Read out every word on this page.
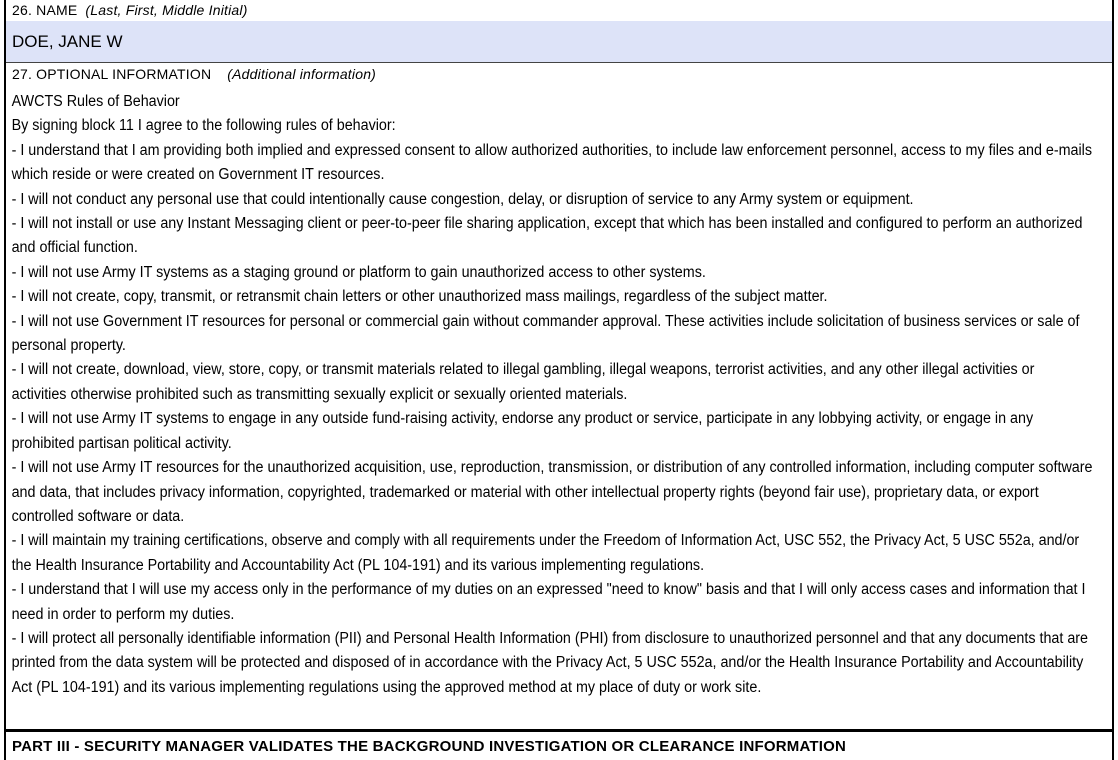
26. NAME (Last, First, Middle Initial)
DOE, JANE W
27. OPTIONAL INFORMATION (Additional information)
AWCTS Rules of Behavior
By signing block 11 I agree to the following rules of behavior:
- I understand that I am providing both implied and expressed consent to allow authorized authorities, to include law enforcement personnel, access to my files and e-mails which reside or were created on Government IT resources.
- I will not conduct any personal use that could intentionally cause congestion, delay, or disruption of service to any Army system or equipment.
- I will not install or use any Instant Messaging client or peer-to-peer file sharing application, except that which has been installed and configured to perform an authorized and official function.
- I will not use Army IT systems as a staging ground or platform to gain unauthorized access to other systems.
- I will not create, copy, transmit, or retransmit chain letters or other unauthorized mass mailings, regardless of the subject matter.
- I will not use Government IT resources for personal or commercial gain without commander approval. These activities include solicitation of business services or sale of personal property.
- I will not create, download, view, store, copy, or transmit materials related to illegal gambling, illegal weapons, terrorist activities, and any other illegal activities or activities otherwise prohibited such as transmitting sexually explicit or sexually oriented materials.
- I will not use Army IT systems to engage in any outside fund-raising activity, endorse any product or service, participate in any lobbying activity, or engage in any prohibited partisan political activity.
- I will not use Army IT resources for the unauthorized acquisition, use, reproduction, transmission, or distribution of any controlled information, including computer software and data, that includes privacy information, copyrighted, trademarked or material with other intellectual property rights (beyond fair use), proprietary data, or export controlled software or data.
- I will maintain my training certifications, observe and comply with all requirements under the Freedom of Information Act, USC 552, the Privacy Act, 5 USC 552a, and/or the Health Insurance Portability and Accountability Act (PL 104-191) and its various implementing regulations.
- I understand that I will use my access only in the performance of my duties on an expressed "need to know" basis and that I will only access cases and information that I need in order to perform my duties.
- I will protect all personally identifiable information (PII) and Personal Health Information (PHI) from disclosure to unauthorized personnel and that any documents that are printed from the data system will be protected and disposed of in accordance with the Privacy Act, 5 USC 552a, and/or the Health Insurance Portability and Accountability Act (PL 104-191) and its various implementing regulations using the approved method at my place of duty or work site.
PART III - SECURITY MANAGER VALIDATES THE BACKGROUND INVESTIGATION OR CLEARANCE INFORMATION
